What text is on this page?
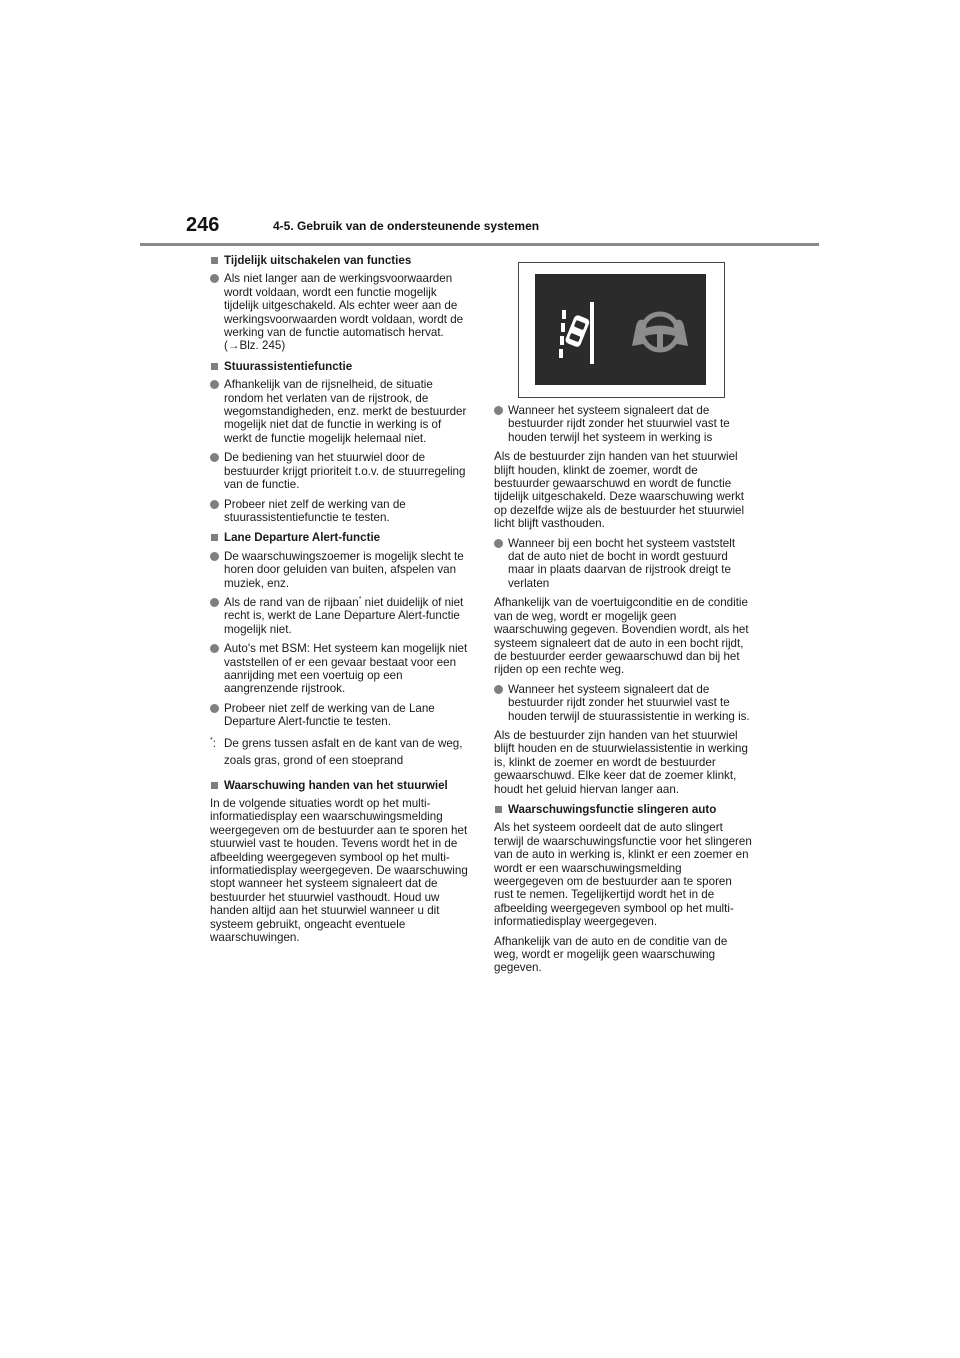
246	4-5. Gebruik van de ondersteunende systemen
Tijdelijk uitschakelen van functies
Als niet langer aan de werkingsvoorwaarden wordt voldaan, wordt een functie mogelijk tijdelijk uitgeschakeld. Als echter weer aan de werkingsvoorwaarden wordt voldaan, wordt de werking van de functie automatisch hervat. (→Blz. 245)
Stuurassistentiefunctie
Afhankelijk van de rijsnelheid, de situatie rondom het verlaten van de rijstrook, de wegomstandigheden, enz. merkt de bestuurder mogelijk niet dat de functie in werking is of werkt de functie mogelijk helemaal niet.
De bediening van het stuurwiel door de bestuurder krijgt prioriteit t.o.v. de stuurregeling van de functie.
Probeer niet zelf de werking van de stuurassistentiefunctie te testen.
Lane Departure Alert-functie
De waarschuwingszoemer is mogelijk slecht te horen door geluiden van buiten, afspelen van muziek, enz.
Als de rand van de rijbaan* niet duidelijk of niet recht is, werkt de Lane Departure Alert-functie mogelijk niet.
Auto's met BSM: Het systeem kan mogelijk niet vaststellen of er een gevaar bestaat voor een aanrijding met een voertuig op een aangrenzende rijstrook.
Probeer niet zelf de werking van de Lane Departure Alert-functie te testen.
*: De grens tussen asfalt en de kant van de weg, zoals gras, grond of een stoeprand
Waarschuwing handen van het stuurwiel
In de volgende situaties wordt op het multi-informatiedisplay een waarschuwingsmelding weergegeven om de bestuurder aan te sporen het stuurwiel vast te houden. Tevens wordt het in de afbeelding weergegeven symbool op het multi-informatiedisplay weergegeven. De waarschuwing stopt wanneer het systeem signaleert dat de bestuurder het stuurwiel vasthoudt. Houd uw handen altijd aan het stuurwiel wanneer u dit systeem gebruikt, ongeacht eventuele waarschuwingen.
Wanneer het systeem signaleert dat de bestuurder rijdt zonder het stuurwiel vast te houden terwijl het systeem in werking is
Als de bestuurder zijn handen van het stuurwiel blijft houden, klinkt de zoemer, wordt de bestuurder gewaarschuwd en wordt de functie tijdelijk uitgeschakeld. Deze waarschuwing werkt op dezelfde wijze als de bestuurder het stuurwiel licht blijft vasthouden.
Wanneer bij een bocht het systeem vaststelt dat de auto niet de bocht in wordt gestuurd maar in plaats daarvan de rijstrook dreigt te verlaten
Afhankelijk van de voertuigconditie en de conditie van de weg, wordt er mogelijk geen waarschuwing gegeven. Bovendien wordt, als het systeem signaleert dat de auto in een bocht rijdt, de bestuurder eerder gewaarschuwd dan bij het rijden op een rechte weg.
Wanneer het systeem signaleert dat de bestuurder rijdt zonder het stuurwiel vast te houden terwijl de stuurassistentie in werking is.
Als de bestuurder zijn handen van het stuurwiel blijft houden en de stuurwielassistentie in werking is, klinkt de zoemer en wordt de bestuurder gewaarschuwd. Elke keer dat de zoemer klinkt, houdt het geluid hiervan langer aan.
Waarschuwingsfunctie slingeren auto
Als het systeem oordeelt dat de auto slingert terwijl de waarschuwingsfunctie voor het slingeren van de auto in werking is, klinkt er een zoemer en wordt er een waarschuwingsmelding weergegeven om de bestuurder aan te sporen rust te nemen. Tegelijkertijd wordt het in de afbeelding weergegeven symbool op het multi-informatiedisplay weergegeven.
Afhankelijk van de auto en de conditie van de weg, wordt er mogelijk geen waarschuwing gegeven.
